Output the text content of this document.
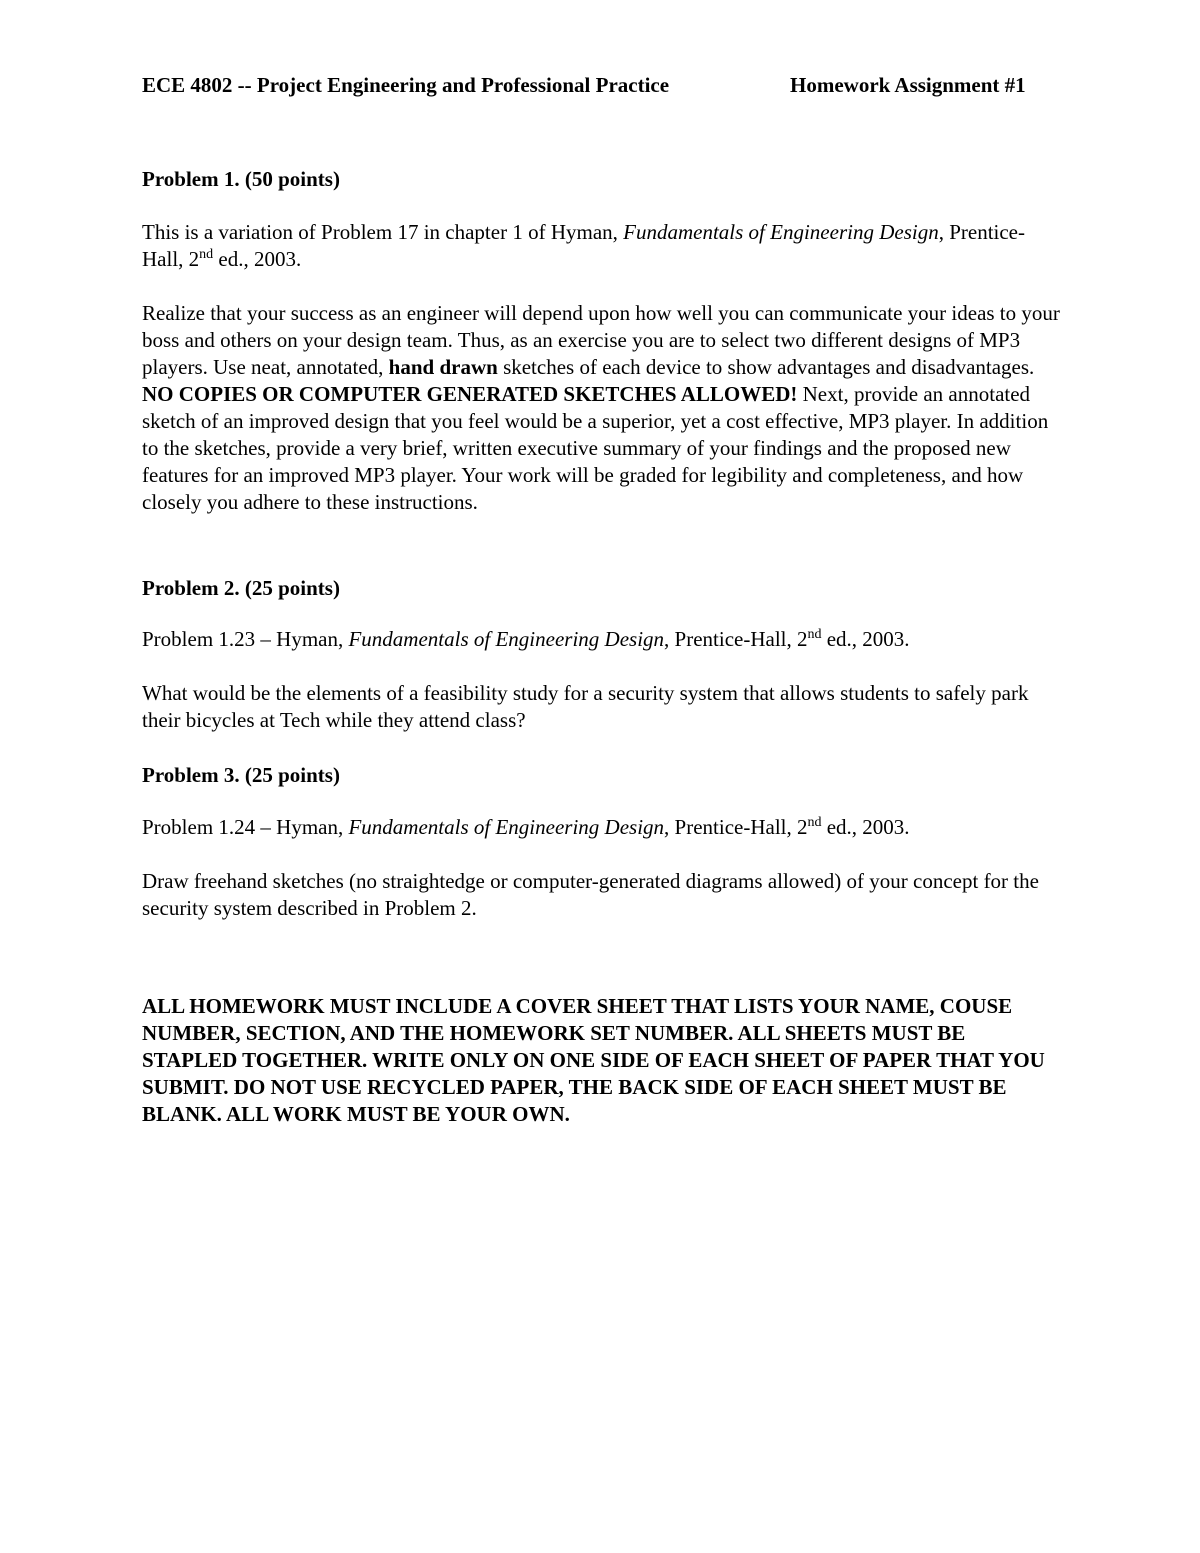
ECE 4802 -- Project Engineering and Professional Practice	Homework Assignment #1

Problem 1. (50 points)

This is a variation of Problem 17 in chapter 1 of Hyman, Fundamentals of Engineering Design, Prentice-Hall, 2nd ed., 2003.

Realize that your success as an engineer will depend upon how well you can communicate your ideas to your boss and others on your design team. Thus, as an exercise you are to select two different designs of MP3 players. Use neat, annotated, hand drawn sketches of each device to show advantages and disadvantages. NO COPIES OR COMPUTER GENERATED SKETCHES ALLOWED! Next, provide an annotated sketch of an improved design that you feel would be a superior, yet a cost effective, MP3 player. In addition to the sketches, provide a very brief, written executive summary of your findings and the proposed new features for an improved MP3 player. Your work will be graded for legibility and completeness, and how closely you adhere to these instructions.

Problem 2. (25 points)

Problem 1.23 – Hyman, Fundamentals of Engineering Design, Prentice-Hall, 2nd ed., 2003.

What would be the elements of a feasibility study for a security system that allows students to safely park their bicycles at Tech while they attend class?

Problem 3. (25 points)

Problem 1.24 – Hyman, Fundamentals of Engineering Design, Prentice-Hall, 2nd ed., 2003.

Draw freehand sketches (no straightedge or computer-generated diagrams allowed) of your concept for the security system described in Problem 2.

ALL HOMEWORK MUST INCLUDE A COVER SHEET THAT LISTS YOUR NAME, COUSE NUMBER, SECTION, AND THE HOMEWORK SET NUMBER. ALL SHEETS MUST BE STAPLED TOGETHER. WRITE ONLY ON ONE SIDE OF EACH SHEET OF PAPER THAT YOU SUBMIT. DO NOT USE RECYCLED PAPER, THE BACK SIDE OF EACH SHEET MUST BE BLANK. ALL WORK MUST BE YOUR OWN.
